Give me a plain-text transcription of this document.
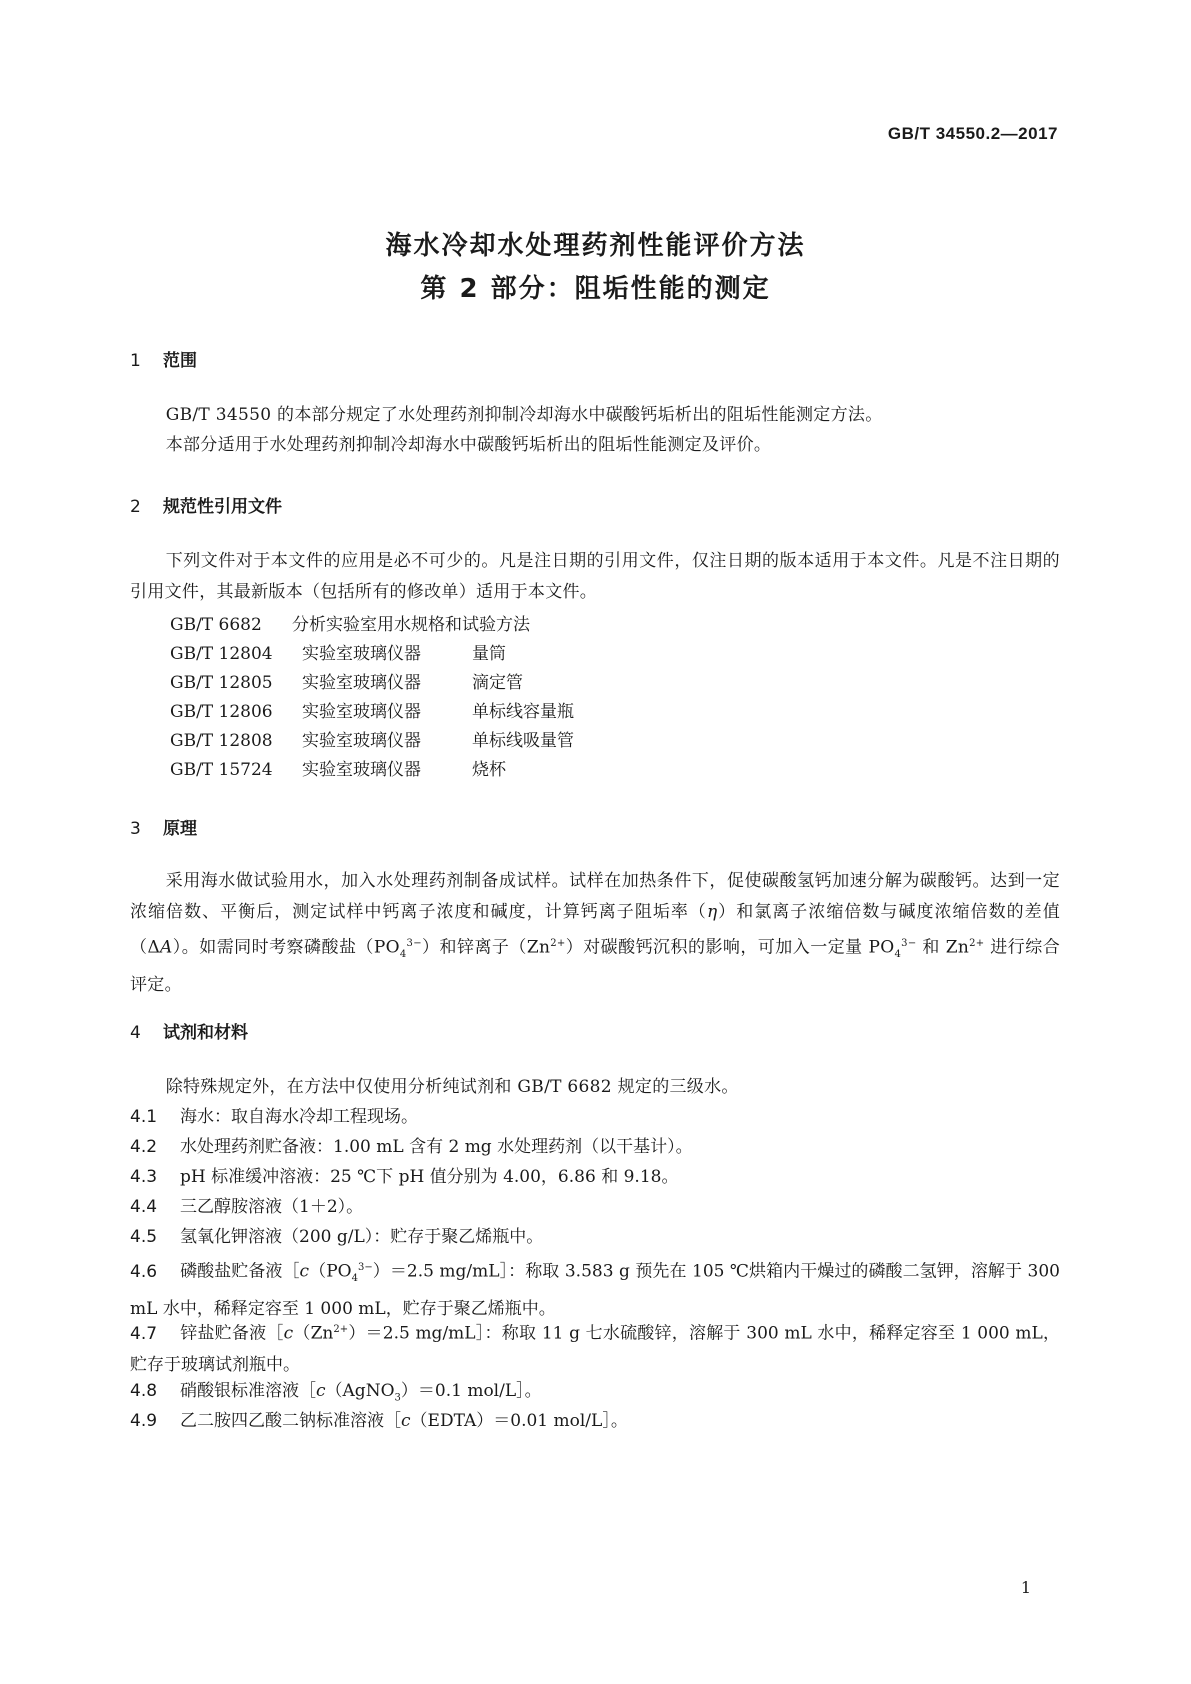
GB/T 34550.2—2017
海水冷却水处理药剂性能评价方法
第 2 部分：阻垢性能的测定
1 范围
GB/T 34550 的本部分规定了水处理药剂抑制冷却海水中碳酸钙垢析出的阻垢性能测定方法。
本部分适用于水处理药剂抑制冷却海水中碳酸钙垢析出的阻垢性能测定及评价。
2 规范性引用文件
下列文件对于本文件的应用是必不可少的。凡是注日期的引用文件，仅注日期的版本适用于本文件。凡是不注日期的引用文件，其最新版本（包括所有的修改单）适用于本文件。
GB/T 6682 分析实验室用水规格和试验方法
GB/T 12804 实验室玻璃仪器	量筒
GB/T 12805 实验室玻璃仪器	滴定管
GB/T 12806 实验室玻璃仪器	单标线容量瓶
GB/T 12808 实验室玻璃仪器	单标线吸量管
GB/T 15724 实验室玻璃仪器	烧杯
3 原理
采用海水做试验用水，加入水处理药剂制备成试样。试样在加热条件下，促使碳酸氢钙加速分解为碳酸钙。达到一定浓缩倍数、平衡后，测定试样中钙离子浓度和碱度，计算钙离子阻垢率（η）和氯离子浓缩倍数与碱度浓缩倍数的差值（ΔA）。如需同时考察磷酸盐$(PO_4^{3-})$和锌离子$(Zn^{2+})$对碳酸钙沉积的影响，可加入一定量 $PO_4^{3-}$ 和 $Zn^{2+}$ 进行综合评定。
4 试剂和材料
除特殊规定外，在方法中仅使用分析纯试剂和 GB/T 6682 规定的三级水。
4.1 海水：取自海水冷却工程现场。
4.2 水处理药剂贮备液：1.00 mL 含有 2 mg 水处理药剂（以干基计）。
4.3 pH 标准缓冲溶液：25 ℃下 pH 值分别为 4.00，6.86 和 9.18。
4.4 三乙醇胺溶液（1＋2）。
4.5 氢氧化钾溶液（200 g/L）：贮存于聚乙烯瓶中。
4.6 磷酸盐贮备液$[c(PO_4^{3-})=2.5$ mg/mL］：称取 3.583 g 预先在 105 ℃烘箱内干燥过的磷酸二氢钾，溶解于 300 mL 水中，稀释定容至 1 000 mL，贮存于聚乙烯瓶中。
4.7 锌盐贮备液$[c(Zn^{2+})=2.5$ mg/mL］：称取 11 g 七水硫酸锌，溶解于 300 mL 水中，稀释定容至 1 000 mL，贮存于玻璃试剂瓶中。
4.8 硝酸银标准溶液［c（AgNO$_3$）＝0.1 mol/L］。
4.9 乙二胺四乙酸二钠标准溶液［c（EDTA）＝0.01 mol/L］。
1
